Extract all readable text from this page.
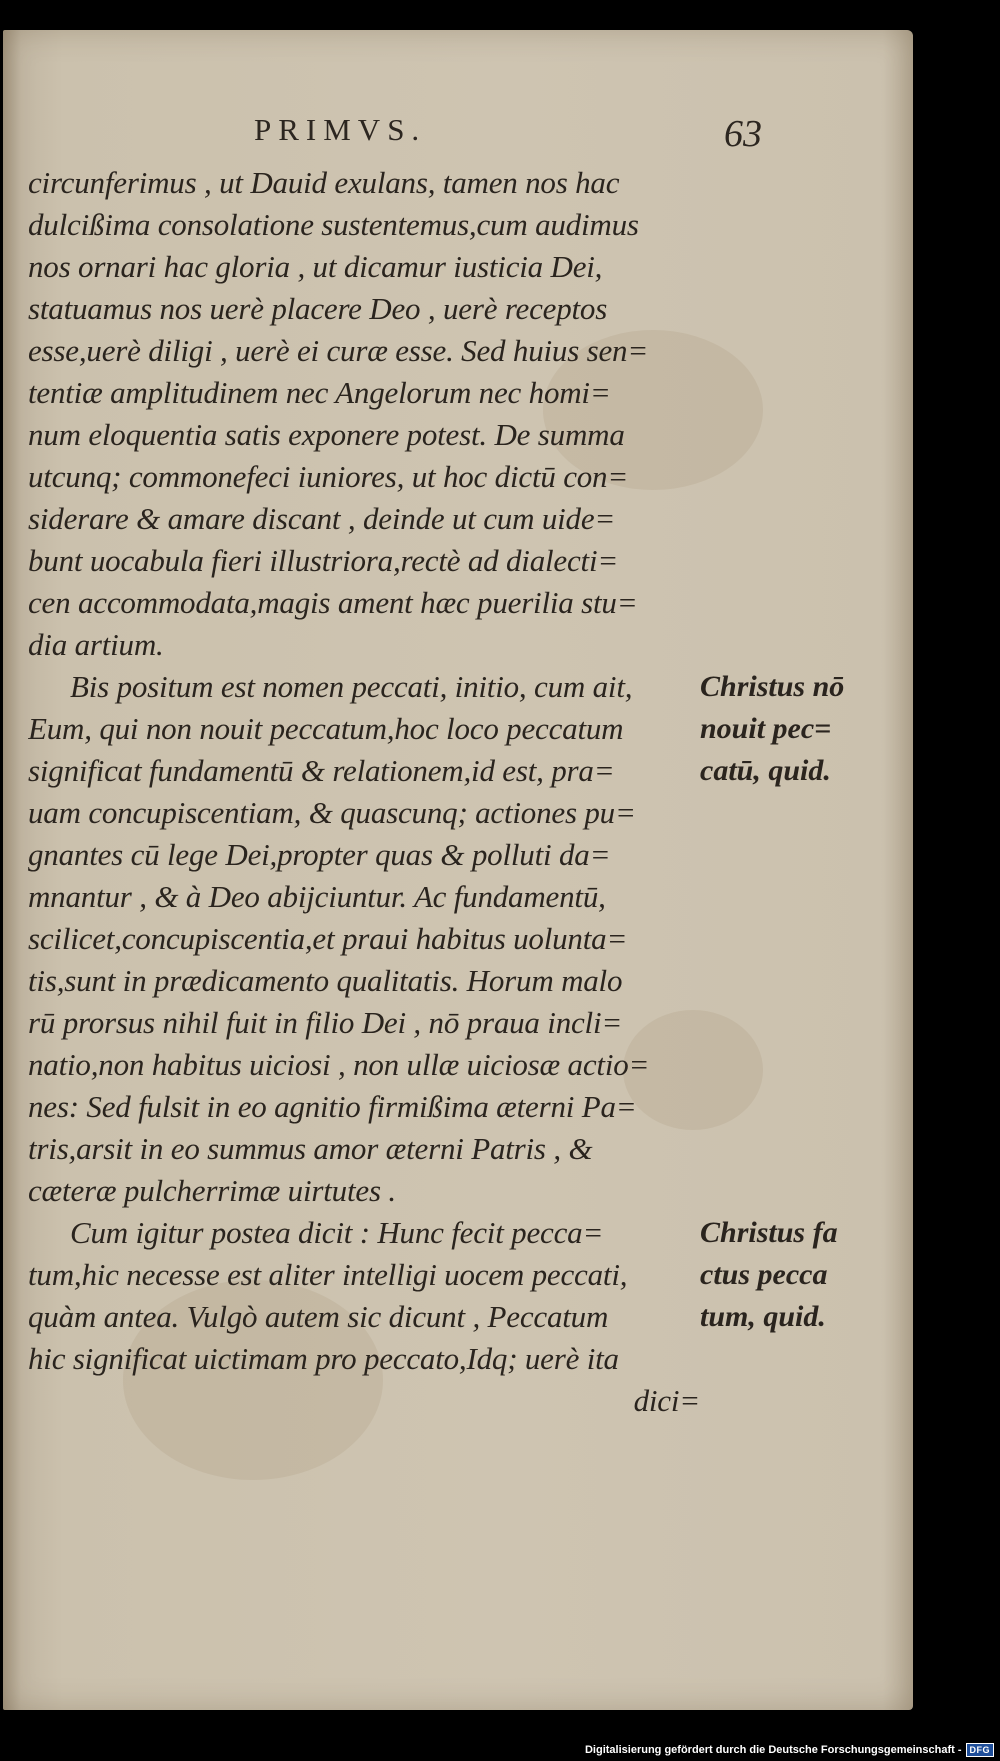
PRIMVS.	63
circunferimus , ut Dauid exulans, tamen nos hac
dulcißima consolatione sustentemus,cum audimus
nos ornari hac gloria , ut dicamur iusticia Dei,
statuamus nos uerè placere Deo , uerè receptos
esse,uerè diligi , uerè ei curæ esse. Sed huius sen=
tentiæ amplitudinem nec Angelorum nec homi=
num eloquentia satis exponere potest. De summa
utcunq; commonefeci iuniores, ut hoc dictū con=
siderare & amare discant , deinde ut cum uide=
bunt uocabula fieri illustriora,rectè ad dialecti=
cen accommodata,magis ament hæc puerilia stu=
dia artium.
Bis positum est nomen peccati, initio, cum ait,
Eum, qui non nouit peccatum,hoc loco peccatum
significat fundamentū & relationem,id est, pra=
uam concupiscentiam, & quascunq; actiones pu=
gnantes cū lege Dei,propter quas & polluti da=
mnantur , & à Deo abijciuntur. Ac fundamentū,
scilicet,concupiscentia,et praui habitus uolunta=
tis,sunt in prædicamento qualitatis. Horum malo
rū prorsus nihil fuit in filio Dei , nō praua incli=
natio,non habitus uiciosi , non ullæ uiciosæ actio=
nes: Sed fulsit in eo agnitio firmißima æterni Pa=
tris,arsit in eo summus amor æterni Patris , &
cæteræ pulcherrimæ uirtutes .
Cum igitur postea dicit : Hunc fecit pecca=
tum,hic necesse est aliter intelligi uocem peccati,
quàm antea. Vulgò autem sic dicunt , Peccatum
hic significat uictimam pro peccato,Idq; uerè ita
dici=
Christus nō
nouit pec=
catū, quid.
Christus fa
ctus pecca
tum, quid.
Digitalisierung gefördert durch die Deutsche Forschungsgemeinschaft - DFG
